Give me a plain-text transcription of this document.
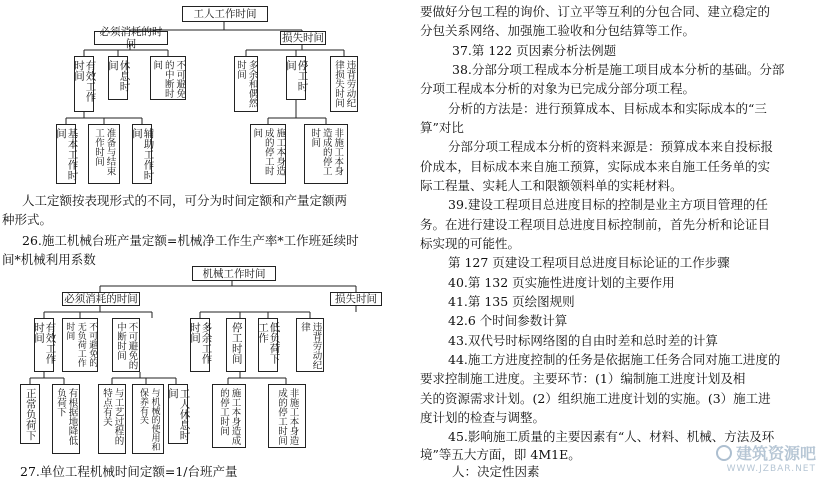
工人工作时间
必须消耗的时间	损失时间
有效工作时间	休息时间	不可避免的中断时间	多余和偶然时间	停工时间	违背劳动纪律损失时间
基本工作时间	准备与结束工作时间	辅助工作时间	施工本身造成的停工时间	非施工本身造成的停工时间
人工定额按表现形式的不同，可分为时间定额和产量定额两
种形式。
26.施工机械台班产量定额=机械净工作生产率*工作班延续时
间*机械利用系数
机械工作时间
必须消耗的时间	损失时间
有效工作时间	不可避免的无负荷工作时间	不可避免的中断时间	多余工作时间	停工时间	低负荷下工作	违背劳动纪律
正常负荷下	有根据地降低负荷下	与工艺过程的特点有关	与机械的使用和保养有关	工人休息时间	施工本身造成的停工时间	非施工本身造成的停工时间
27.单位工程机械时间定额=1/台班产量
要做好分包工程的询价、订立平等互利的分包合同、建立稳定的
分包关系网络、加强施工验收和分包结算等工作。
37.第 122 页因素分析法例题
38.分部分项工程成本分析是施工项目成本分析的基础。分部
分项工程成本分析的对象为已完成分部分项工程。
分析的方法是：进行预算成本、目标成本和实际成本的“三
算”对比
分部分项工程成本分析的资料来源是：预算成本来自投标报
价成本，目标成本来自施工预算，实际成本来自施工任务单的实
际工程量、实耗人工和限额领料单的实耗材料。
39.建设工程项目总进度目标的控制是业主方项目管理的任
务。在进行建设工程项目总进度目标控制前，首先分析和论证目
标实现的可能性。
第 127 页建设工程项目总进度目标论证的工作步骤
40.第 132 页实施性进度计划的主要作用
41.第 135 页绘图规则
42.6 个时间参数计算
43.双代号时标网络图的自由时差和总时差的计算
44.施工方进度控制的任务是依据施工任务合同对施工进度的
要求控制施工进度。主要环节：(1）编制施工进度计划及相
关的资源需求计划。(2）组织施工进度计划的实施。(3）施工进
度计划的检查与调整。
45.影响施工质量的主要因素有“人、材料、机械、方法及环
境”等五大方面，即 4M1E。
人：决定性因素
建筑资源吧
WWW.JZBAR.NET
